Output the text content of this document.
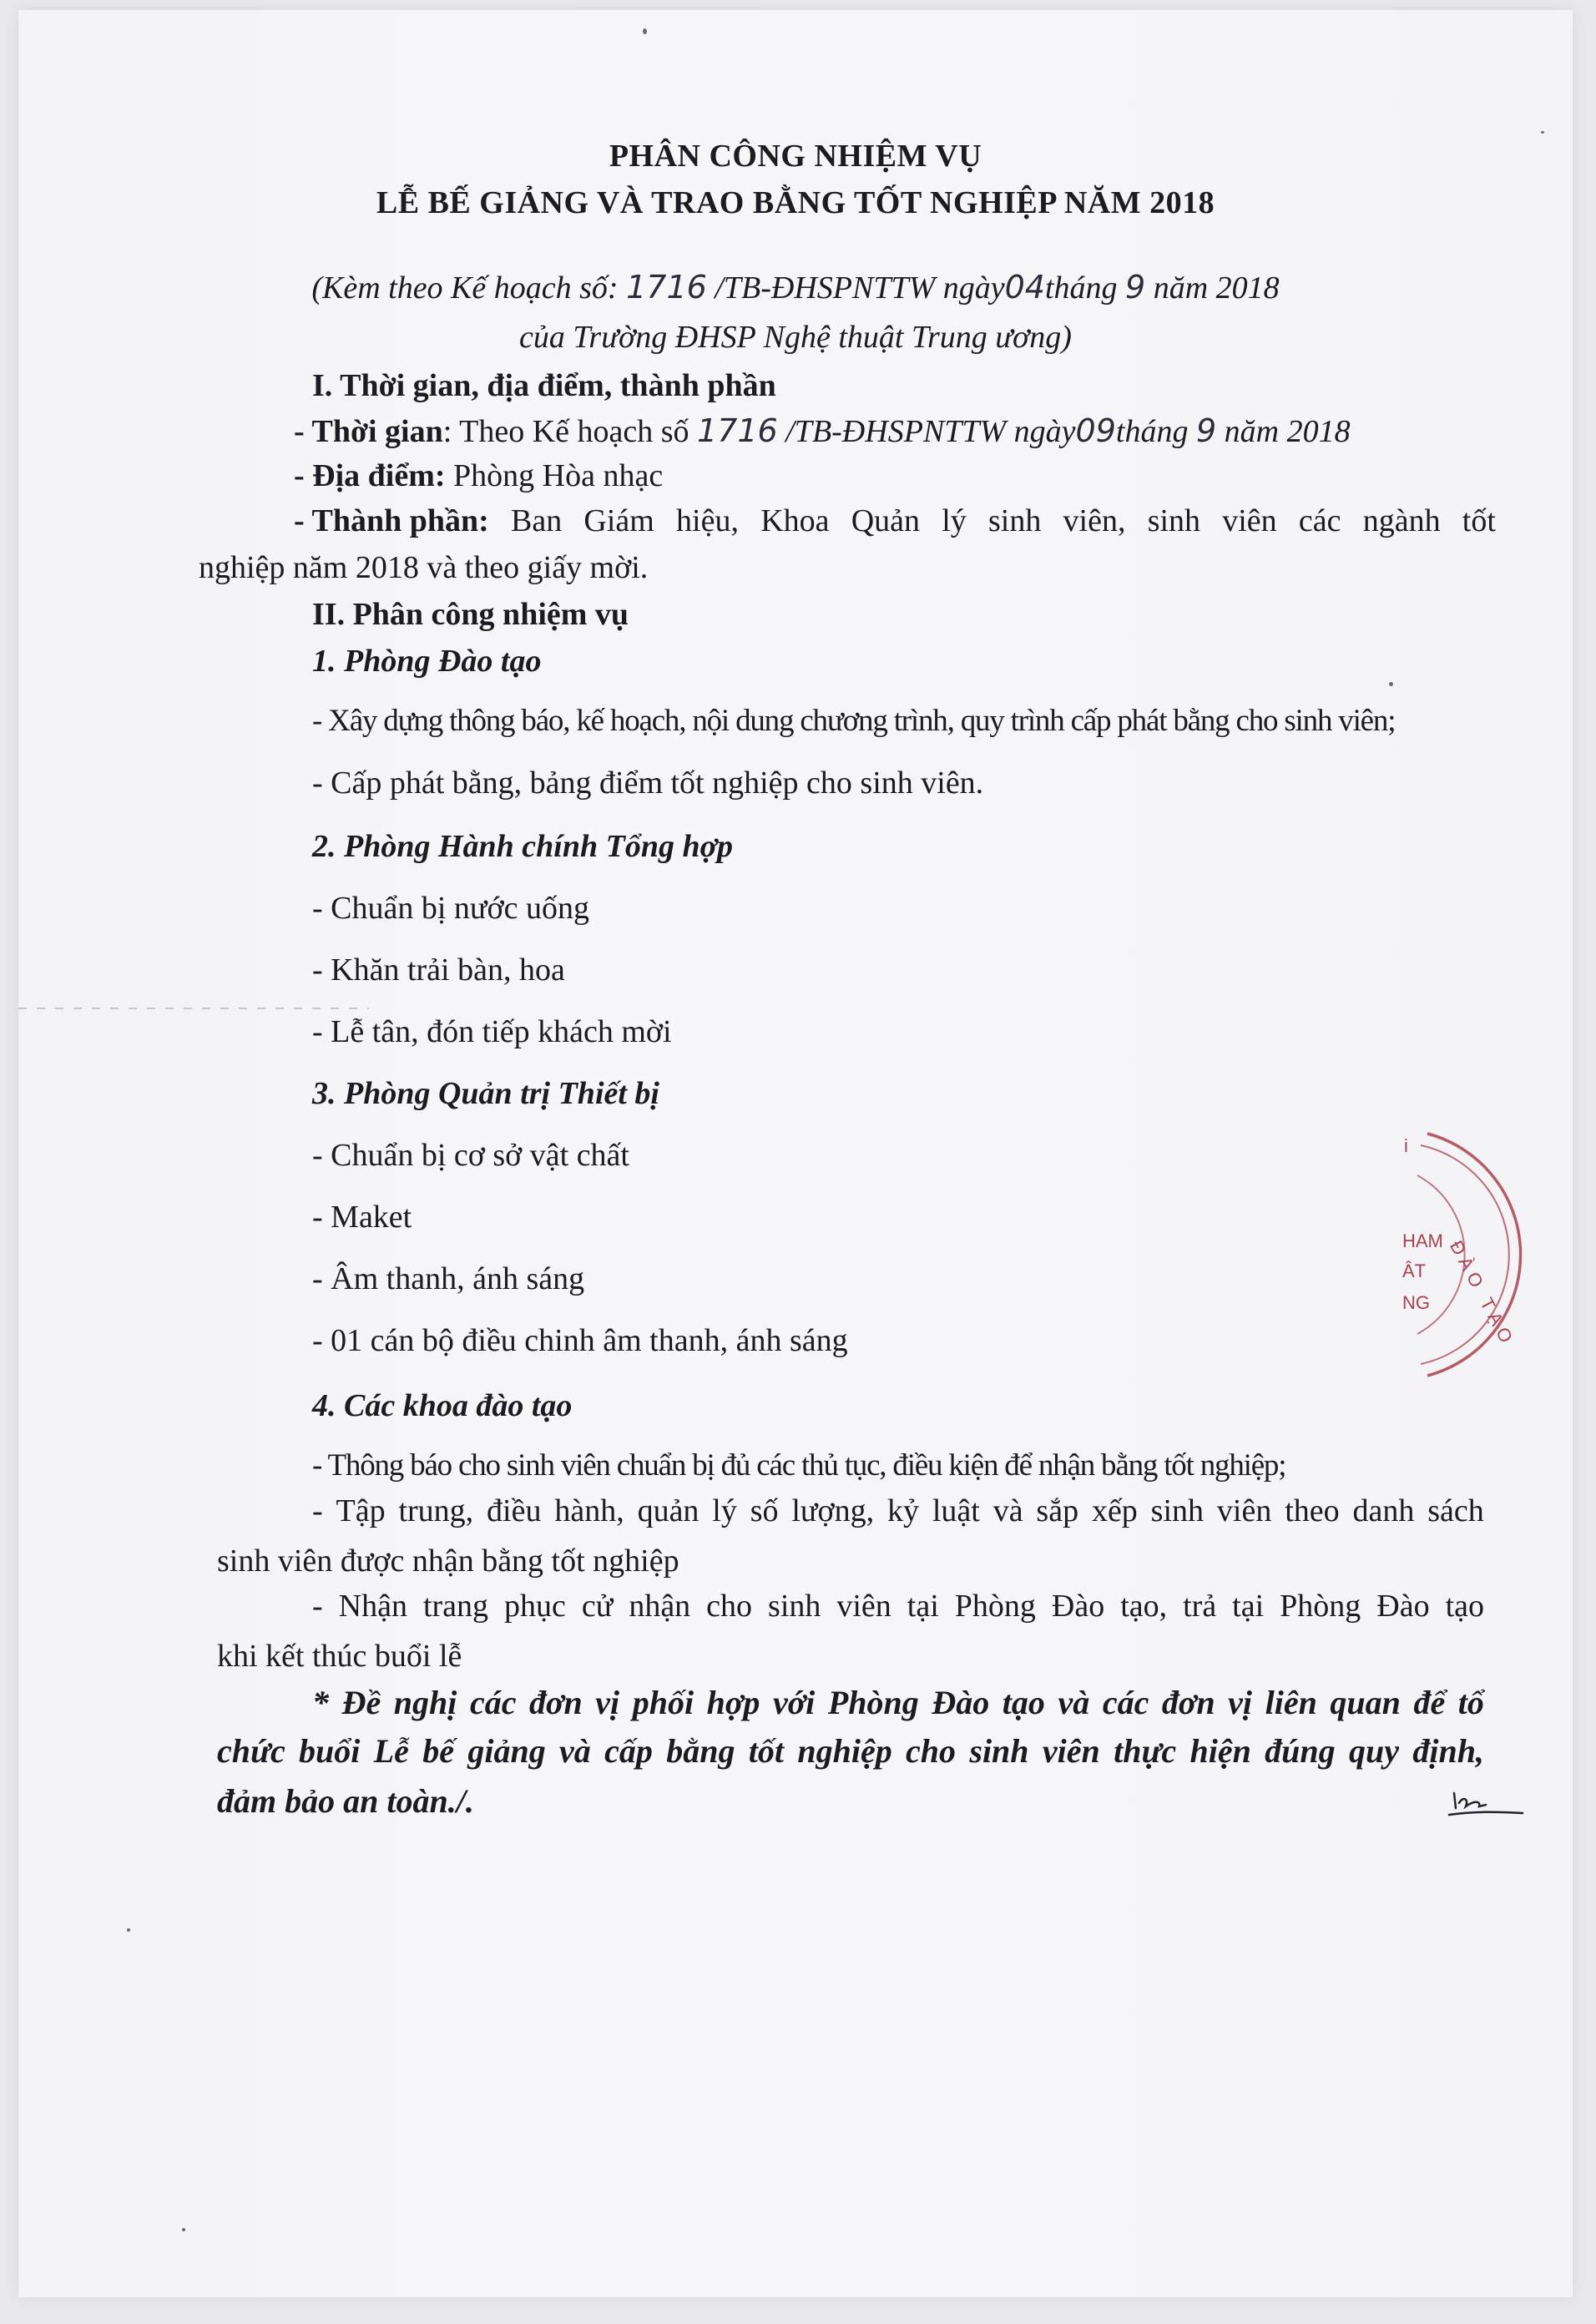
PHÂN CÔNG NHIỆM VỤ

LỄ BẾ GIẢNG VÀ TRAO BẰNG TỐT NGHIỆP NĂM 2018

(Kèm theo Kế hoạch số: 1716 /TB-ĐHSPNTTW ngày04tháng 9 năm 2018

của Trường ĐHSP Nghệ thuật Trung ương)

I. Thời gian, địa điểm, thành phần

- Thời gian: Theo Kế hoạch số 1716 /TB-ĐHSPNTTW ngày09tháng 9 năm 2018

- Địa điểm: Phòng Hòa nhạc

- Thành phần: Ban Giám hiệu, Khoa Quản lý sinh viên, sinh viên các ngành tốt

nghiệp năm 2018 và theo giấy mời.

II. Phân công nhiệm vụ

1. Phòng Đào tạo

- Xây dựng thông báo, kế hoạch, nội dung chương trình, quy trình cấp phát bằng cho sinh viên;

- Cấp phát bằng, bảng điểm tốt nghiệp cho sinh viên.

2. Phòng Hành chính Tổng hợp

- Chuẩn bị nước uống

- Khăn trải bàn, hoa

- Lễ tân, đón tiếp khách mời

3. Phòng Quản trị Thiết bị

- Chuẩn bị cơ sở vật chất

- Maket

- Âm thanh, ánh sáng

- 01 cán bộ điều chinh âm thanh, ánh sáng

4. Các khoa đào tạo

- Thông báo cho sinh viên chuẩn bị đủ các thủ tục, điều kiện để nhận bằng tốt nghiệp;

- Tập trung, điều hành, quản lý số lượng, kỷ luật và sắp xếp sinh viên theo danh sách

sinh viên được nhận bằng tốt nghiệp

- Nhận trang phục cử nhận cho sinh viên tại Phòng Đào tạo, trả tại Phòng Đào tạo

khi kết thúc buổi lễ

* Đề nghị các đơn vị phối hợp với Phòng Đào tạo và các đơn vị liên quan để tổ
chức buổi Lễ bế giảng và cấp bằng tốt nghiệp cho sinh viên thực hiện đúng quy định,

đảm bảo an toàn./.

ĐÀO TẠO
i
HAM
ÂT
NG
